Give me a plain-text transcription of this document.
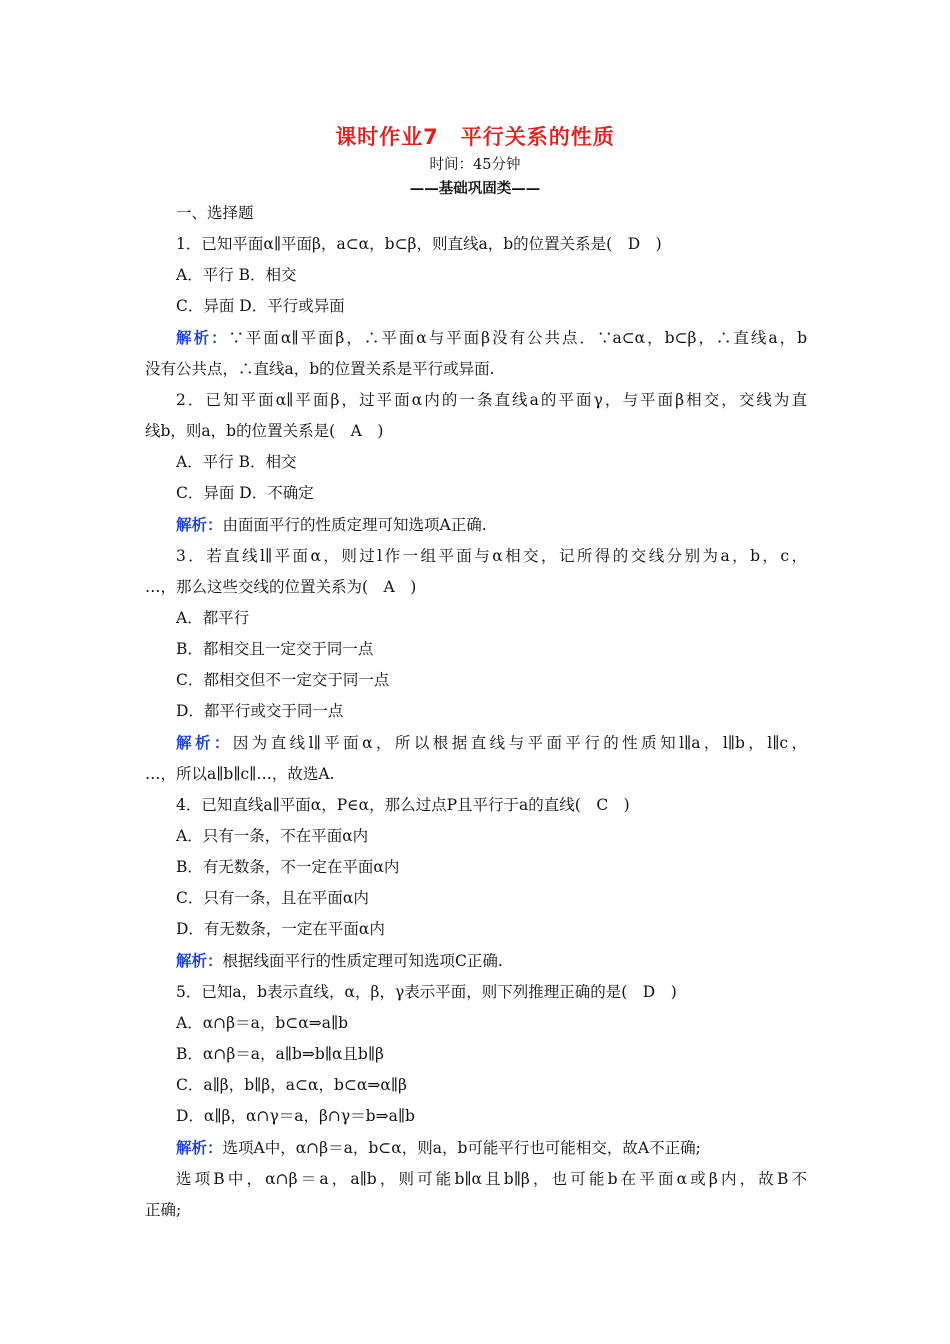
课时作业7　平行关系的性质
时间：45分钟
——基础巩固类——
一、选择题
1．已知平面α∥平面β，a⊂α，b⊂β，则直线a，b的位置关系是(　D　)
A．平行 B．相交
C．异面 D．平行或异面
解析：∵平面α∥平面β，∴平面α与平面β没有公共点．∵a⊂α，b⊂β，∴直线a，b
没有公共点，∴直线a，b的位置关系是平行或异面.
2．已知平面α∥平面β，过平面α内的一条直线a的平面γ，与平面β相交，交线为直
线b，则a，b的位置关系是(　A　)
A．平行 B．相交
C．异面 D．不确定
解析：由面面平行的性质定理可知选项A正确.
3．若直线l∥平面α，则过l作一组平面与α相交，记所得的交线分别为a，b，c，
…，那么这些交线的位置关系为(　A　)
A．都平行
B．都相交且一定交于同一点
C．都相交但不一定交于同一点
D．都平行或交于同一点
解析：因为直线l∥平面α，所以根据直线与平面平行的性质知l∥a，l∥b，l∥c，
…，所以a∥b∥c∥…，故选A.
4．已知直线a∥平面α，P∈α，那么过点P且平行于a的直线(　C　)
A．只有一条，不在平面α内
B．有无数条，不一定在平面α内
C．只有一条，且在平面α内
D．有无数条，一定在平面α内
解析：根据线面平行的性质定理可知选项C正确.
5．已知a，b表示直线，α，β，γ表示平面，则下列推理正确的是(　D　)
A．α∩β＝a，b⊂α⇒a∥b
B．α∩β＝a，a∥b⇒b∥α且b∥β
C．a∥β，b∥β，a⊂α，b⊂α⇒α∥β
D．α∥β，α∩γ＝a，β∩γ＝b⇒a∥b
解析：选项A中，α∩β＝a，b⊂α，则a，b可能平行也可能相交，故A不正确;
选项B中，α∩β＝a，a∥b，则可能b∥α且b∥β，也可能b在平面α或β内，故B不
正确;
